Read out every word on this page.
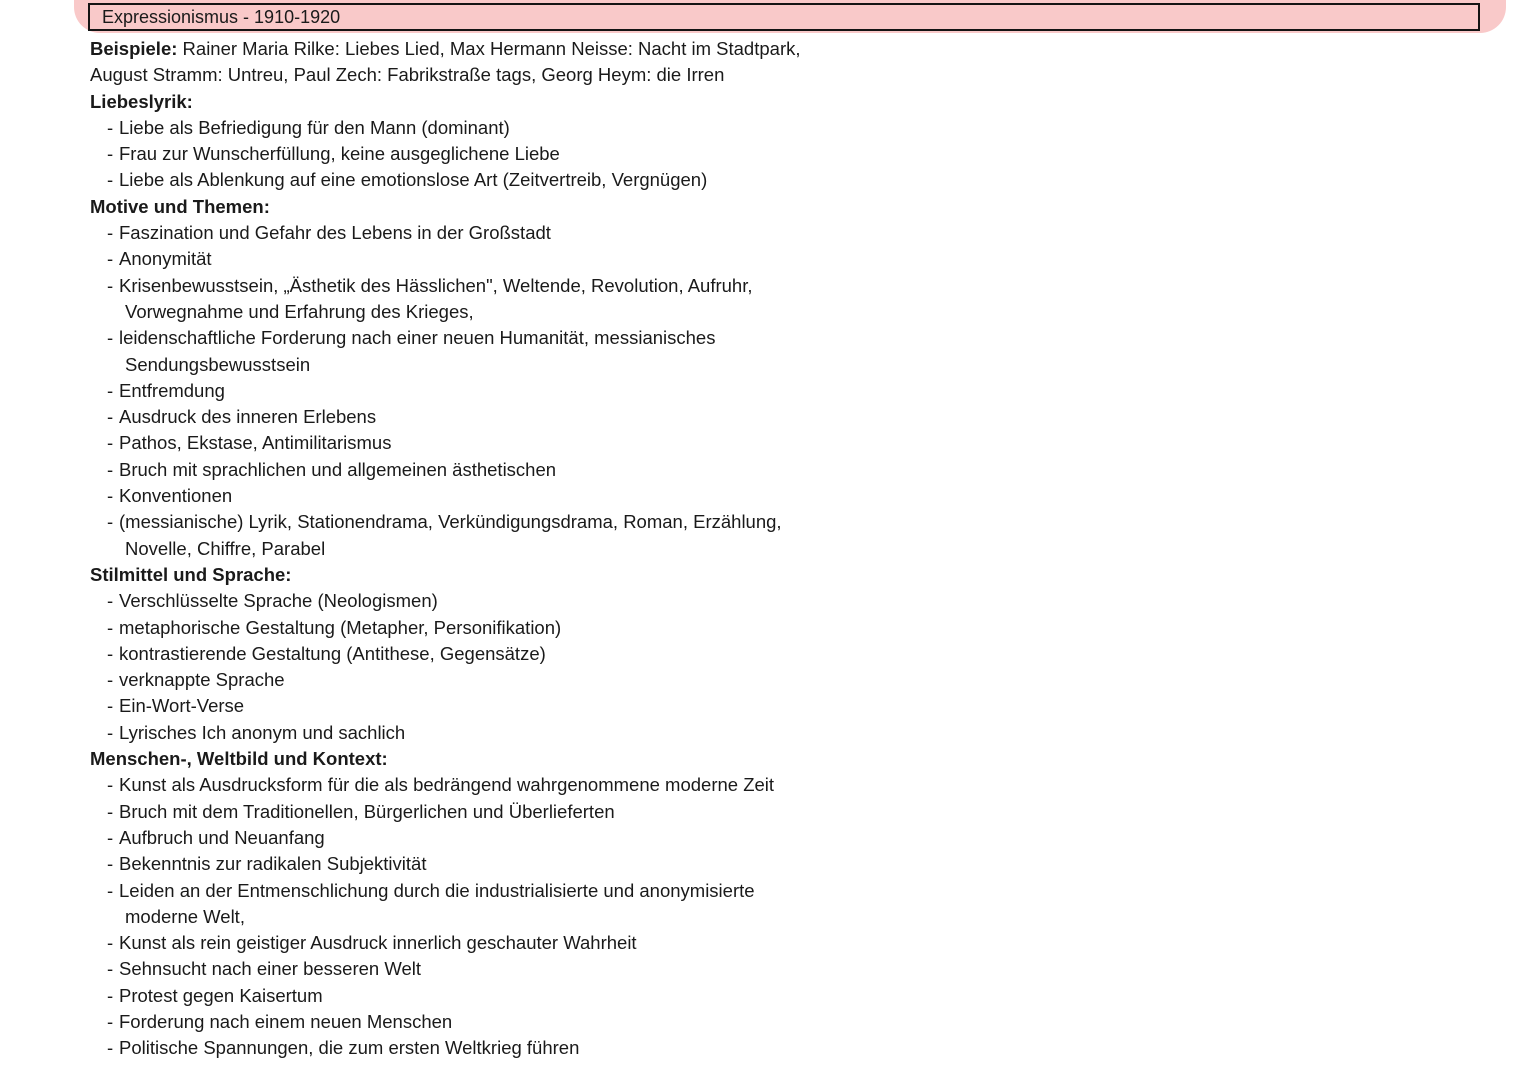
Expressionismus - 1910-1920

Beispiele: Rainer Maria Rilke: Liebes Lied, Max Hermann Neisse: Nacht im Stadtpark,
August Stramm: Untreu, Paul Zech: Fabrikstraße tags, Georg Heym: die Irren

Liebeslyrik:

- Liebe als Befriedigung für den Mann (dominant)
- Frau zur Wunscherfüllung, keine ausgeglichene Liebe
- Liebe als Ablenkung auf eine emotionslose Art (Zeitvertreib, Vergnügen)

Motive und Themen:

- Faszination und Gefahr des Lebens in der Großstadt
- Anonymität
- Krisenbewusstsein, „Ästhetik des Hässlichen", Weltende, Revolution, Aufruhr,
Vorwegnahme und Erfahrung des Krieges,
- leidenschaftliche Forderung nach einer neuen Humanität, messianisches
Sendungsbewusstsein
- Entfremdung
- Ausdruck des inneren Erlebens
- Pathos, Ekstase, Antimilitarismus
- Bruch mit sprachlichen und allgemeinen ästhetischen
- Konventionen
- (messianische) Lyrik, Stationendrama, Verkündigungsdrama, Roman, Erzählung,
Novelle, Chiffre, Parabel

Stilmittel und Sprache:

- Verschlüsselte Sprache (Neologismen)
- metaphorische Gestaltung (Metapher, Personifikation)
- kontrastierende Gestaltung (Antithese, Gegensätze)
- verknappte Sprache
- Ein-Wort-Verse
- Lyrisches Ich anonym und sachlich

Menschen-, Weltbild und Kontext:

- Kunst als Ausdrucksform für die als bedrängend wahrgenommene moderne Zeit
- Bruch mit dem Traditionellen, Bürgerlichen und Überlieferten
- Aufbruch und Neuanfang
- Bekenntnis zur radikalen Subjektivität
- Leiden an der Entmenschlichung durch die industrialisierte und anonymisierte
moderne Welt,
- Kunst als rein geistiger Ausdruck innerlich geschauter Wahrheit
- Sehnsucht nach einer besseren Welt
- Protest gegen Kaisertum
- Forderung nach einem neuen Menschen
- Politische Spannungen, die zum ersten Weltkrieg führen
